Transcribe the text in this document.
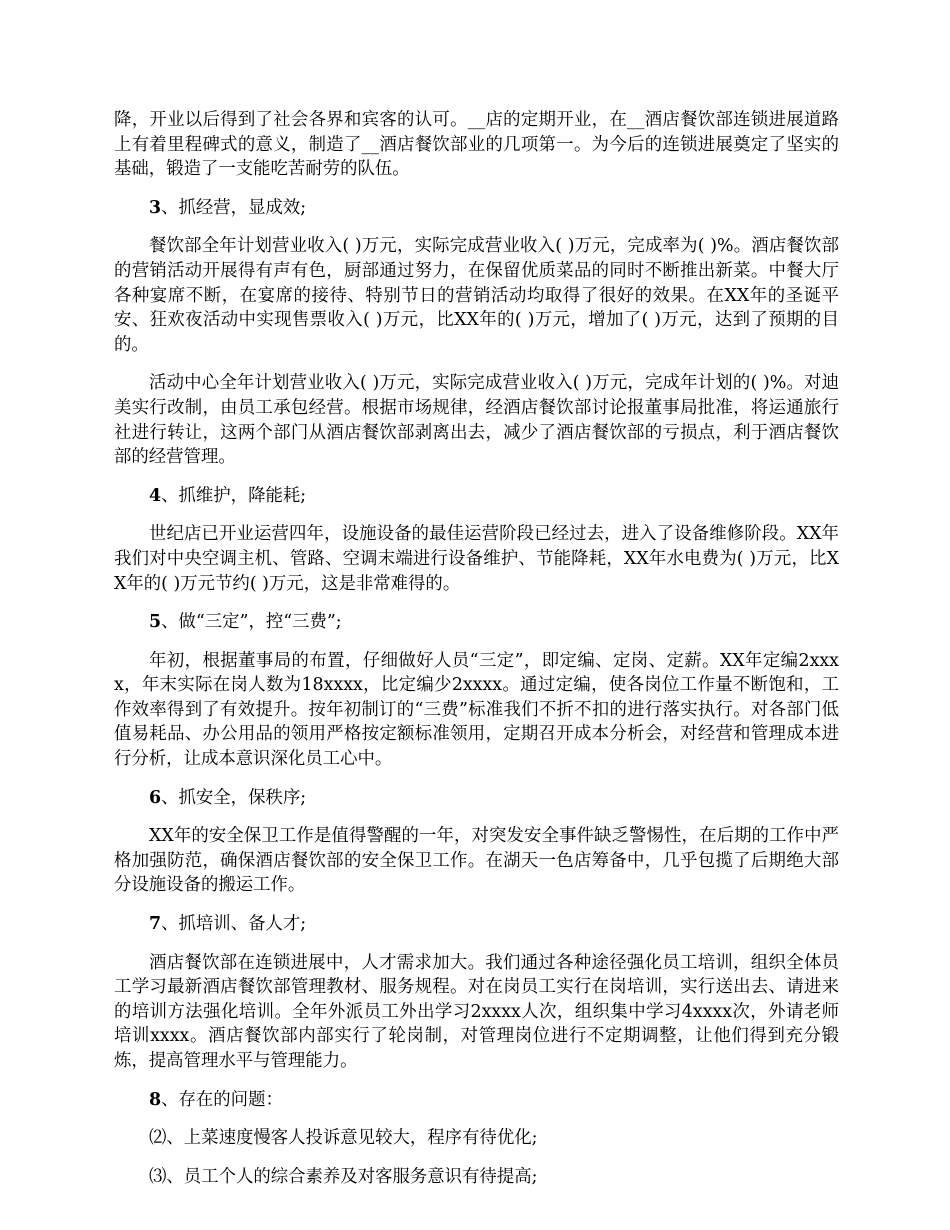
降，开业以后得到了社会各界和宾客的认可。__店的定期开业，在__酒店餐饮部连锁进展道路上有着里程碑式的意义，制造了__酒店餐饮部业的几项第一。为今后的连锁进展奠定了坚实的基础，锻造了一支能吃苦耐劳的队伍。

3、抓经营，显成效;

餐饮部全年计划营业收入( )万元，实际完成营业收入( )万元，完成率为( )%。酒店餐饮部的营销活动开展得有声有色，厨部通过努力，在保留优质菜品的同时不断推出新菜。中餐大厅各种宴席不断，在宴席的接待、特别节日的营销活动均取得了很好的效果。在XX年的圣诞平安、狂欢夜活动中实现售票收入( )万元，比XX年的( )万元，增加了( )万元，达到了预期的目的。

活动中心全年计划营业收入( )万元，实际完成营业收入( )万元，完成年计划的( )%。对迪美实行改制，由员工承包经营。根据市场规律，经酒店餐饮部讨论报董事局批准，将运通旅行社进行转让，这两个部门从酒店餐饮部剥离出去，减少了酒店餐饮部的亏损点，利于酒店餐饮部的经营管理。

4、抓维护，降能耗;

世纪店已开业运营四年，设施设备的最佳运营阶段已经过去，进入了设备维修阶段。XX年我们对中央空调主机、管路、空调末端进行设备维护、节能降耗，XX年水电费为( )万元，比XX年的( )万元节约( )万元，这是非常难得的。

5、做“三定”，控“三费”;

年初，根据董事局的布置，仔细做好人员“三定”，即定编、定岗、定薪。XX年定编2xxxx，年末实际在岗人数为18xxxx，比定编少2xxxx。通过定编，使各岗位工作量不断饱和，工作效率得到了有效提升。按年初制订的“三费”标准我们不折不扣的进行落实执行。对各部门低值易耗品、办公用品的领用严格按定额标准领用，定期召开成本分析会，对经营和管理成本进行分析，让成本意识深化员工心中。

6、抓安全，保秩序;

XX年的安全保卫工作是值得警醒的一年，对突发安全事件缺乏警惕性，在后期的工作中严格加强防范，确保酒店餐饮部的安全保卫工作。在湖天一色店筹备中，几乎包揽了后期绝大部分设施设备的搬运工作。

7、抓培训、备人才;

酒店餐饮部在连锁进展中，人才需求加大。我们通过各种途径强化员工培训，组织全体员工学习最新酒店餐饮部管理教材、服务规程。对在岗员工实行在岗培训，实行送出去、请进来的培训方法强化培训。全年外派员工外出学习2xxxx人次，组织集中学习4xxxx次，外请老师培训xxxx。酒店餐饮部内部实行了轮岗制，对管理岗位进行不定期调整，让他们得到充分锻炼，提高管理水平与管理能力。

8、存在的问题：

⑵、上菜速度慢客人投诉意见较大，程序有待优化;

⑶、员工个人的综合素养及对客服务意识有待提高;
